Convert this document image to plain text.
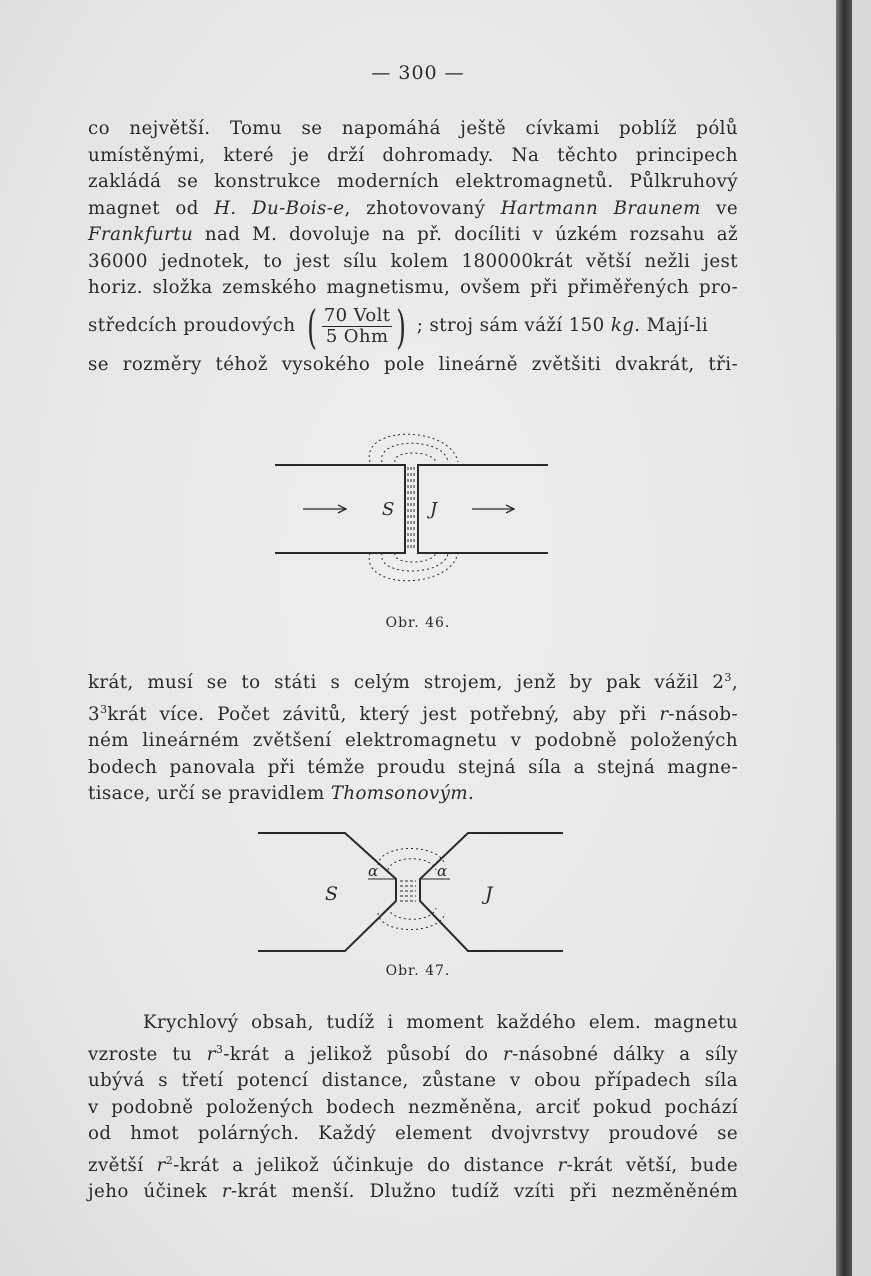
— 300 —
co největší. Tomu se napomáhá ještě cívkami poblíž pólů
umístěnými, které je drží dohromady. Na těchto principech
zakládá se konstrukce moderních elektromagnetů. Půlkruhový
magnet od H. Du-Bois-e, zhotovovaný Hartmann Braunem ve
Frankfurtu nad M. dovoluje na př. docíliti v úzkém rozsahu až
36000 jednotek, to jest sílu kolem 180000krát větší nežli jest
horiz. složka zemského magnetismu, ovšem při přiměřených pro-
středcích proudových ( $\frac{\text{70 Volt}}{\text{5 Ohm}}$ ) ; stroj sám váží 150 kg. Mají-li
se rozměry téhož vysokého pole lineárně zvětšiti dvakrát, tři-
S J
Obr. 46.
krát, musí se to státi s celým strojem, jenž by pak vážil $2^3$,
$3^3krát$ více. Počet závitů, který jest potřebný, aby při r-násob-
ném lineárném zvětšení elektromagnetu v podobně položených
bodech panovala při témže proudu stejná síla a stejná magne-
tisace, určí se pravidlem Thomsonovým.
α	α
S	J
Obr. 47.
Krychlový obsah, tudíž i moment každého elem. magnetu
vzroste tu $r^3$-krát a jelikož působí do r-násobné dálky a síly
ubývá s třetí potencí distance, zůstane v obou případech síla
v podobně položených bodech nezměněna, arciť pokud pochází
od hmot polárných. Každý element dvojvrstvy proudové se
zvětší $r^2$-krát a jelikož účinkuje do distance r-krát větší, bude
jeho účinek r-krát menší. Dlužno tudíž vzíti při nezměněném
